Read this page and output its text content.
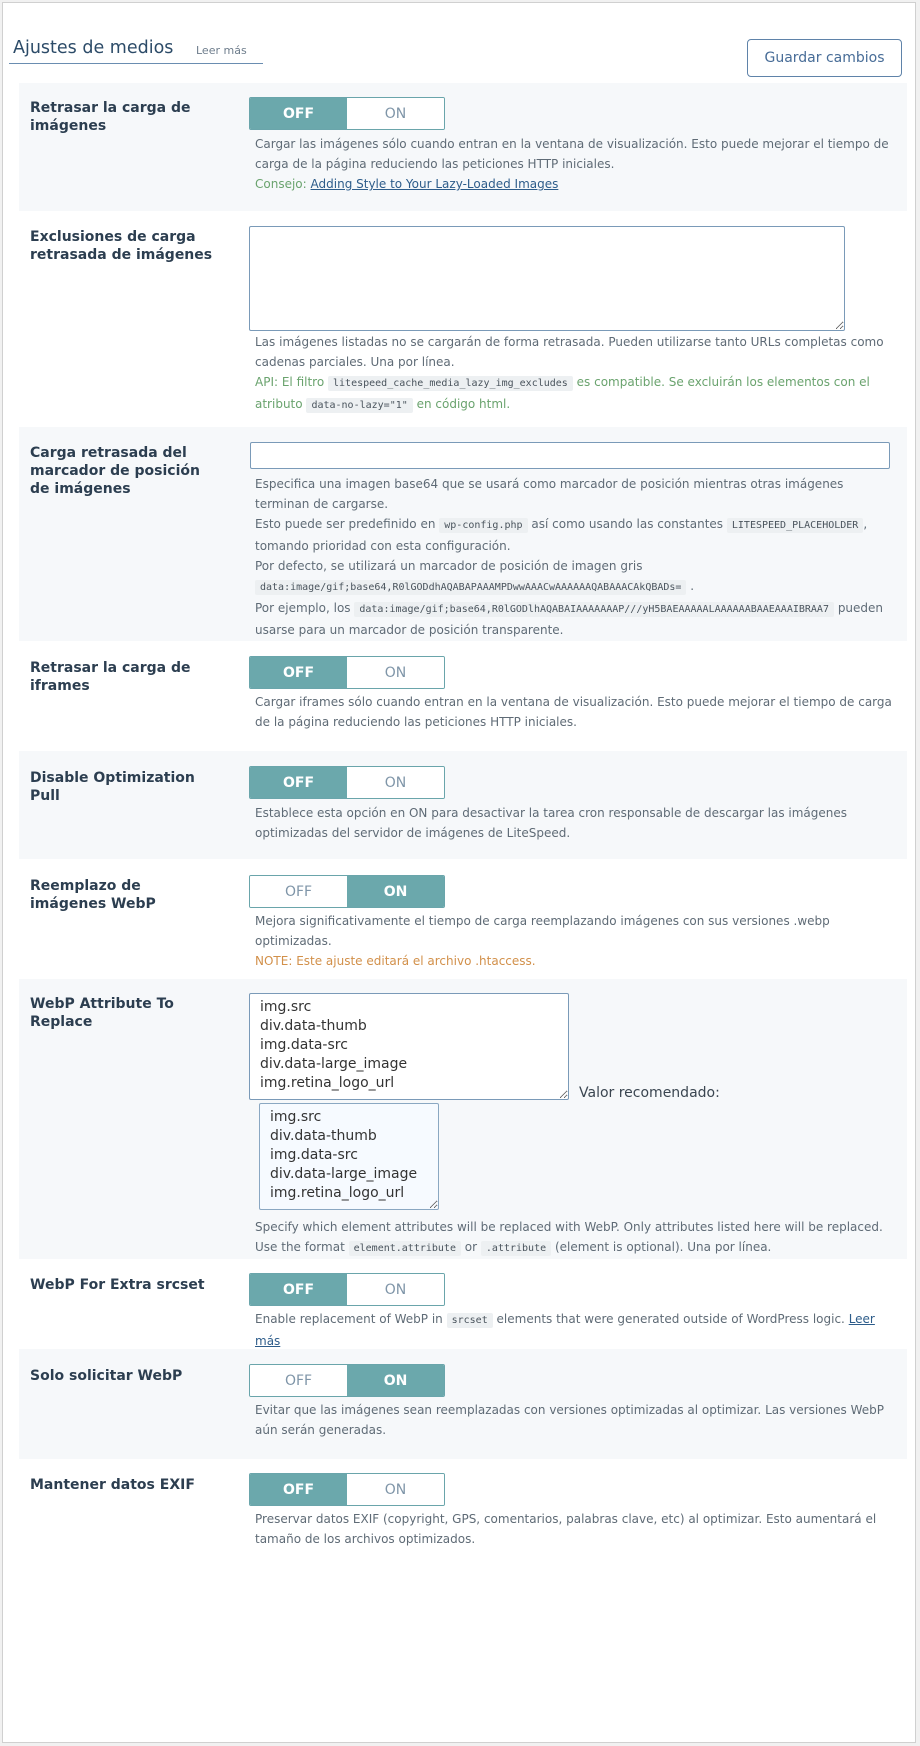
Ajustes de medios Leer más	Guardar cambios
Retrasar la carga de imágenes
OFF	ON
Cargar las imágenes sólo cuando entran en la ventana de visualización. Esto puede mejorar el tiempo de carga de la página reduciendo las peticiones HTTP iniciales.
Consejo: Adding Style to Your Lazy-Loaded Images
Exclusiones de carga retrasada de imágenes
Las imágenes listadas no se cargarán de forma retrasada. Pueden utilizarse tanto URLs completas como cadenas parciales. Una por línea.
API: El filtro litespeed_cache_media_lazy_img_excludes es compatible. Se excluirán los elementos con el atributo data-no-lazy="1" en código html.
Carga retrasada del marcador de posición de imágenes	Especifica una imagen base64 que se usará como marcador de posición mientras otras imágenes terminan de cargarse.
Esto puede ser predefinido en wp-config.php así como usando las constantes LITESPEED_PLACEHOLDER , tomando prioridad con esta configuración.
Por defecto, se utilizará un marcador de posición de imagen gris
data:image/gif;base64,R0lGODdhAQABAPAAAMPDwwAAACwAAAAAAQABAAACAkQBADs= .
Por ejemplo, los data:image/gif;base64,R0lGODlhAQABAIAAAAAAAP///yH5BAEAAAAALAAAAAABAAEAAAIBRAA7 pueden usarse para un marcador de posición transparente.
Retrasar la carga de iframes
OFF	ON
Cargar iframes sólo cuando entran en la ventana de visualización. Esto puede mejorar el tiempo de carga de la página reduciendo las peticiones HTTP iniciales.
Disable Optimization Pull
OFF	ON
Establece esta opción en ON para desactivar la tarea cron responsable de descargar las imágenes optimizadas del servidor de imágenes de LiteSpeed.
Reemplazo de imágenes WebP
OFF	ON
Mejora significativamente el tiempo de carga reemplazando imágenes con sus versiones .webp optimizadas.
NOTE: Este ajuste editará el archivo .htaccess.
WebP Attribute To Replace
img.src div.data-thumb img.data-src div.data-large_image img.retina_logo_url
Valor recomendado:
img.src div.data-thumb img.data-src div.data-large_image img.retina_logo_url
Specify which element attributes will be replaced with WebP. Only attributes listed here will be replaced.
Use the format element.attribute or .attribute (element is optional). Una por línea.
WebP For Extra srcset	OFF	ON
Enable replacement of WebP in srcset elements that were generated outside of WordPress logic. Leer más
Solo solicitar WebP	OFF	ON
Evitar que las imágenes sean reemplazadas con versiones optimizadas al optimizar. Las versiones WebP aún serán generadas.
Mantener datos EXIF	OFF	ON
Preservar datos EXIF (copyright, GPS, comentarios, palabras clave, etc) al optimizar. Esto aumentará el tamaño de los archivos optimizados.
